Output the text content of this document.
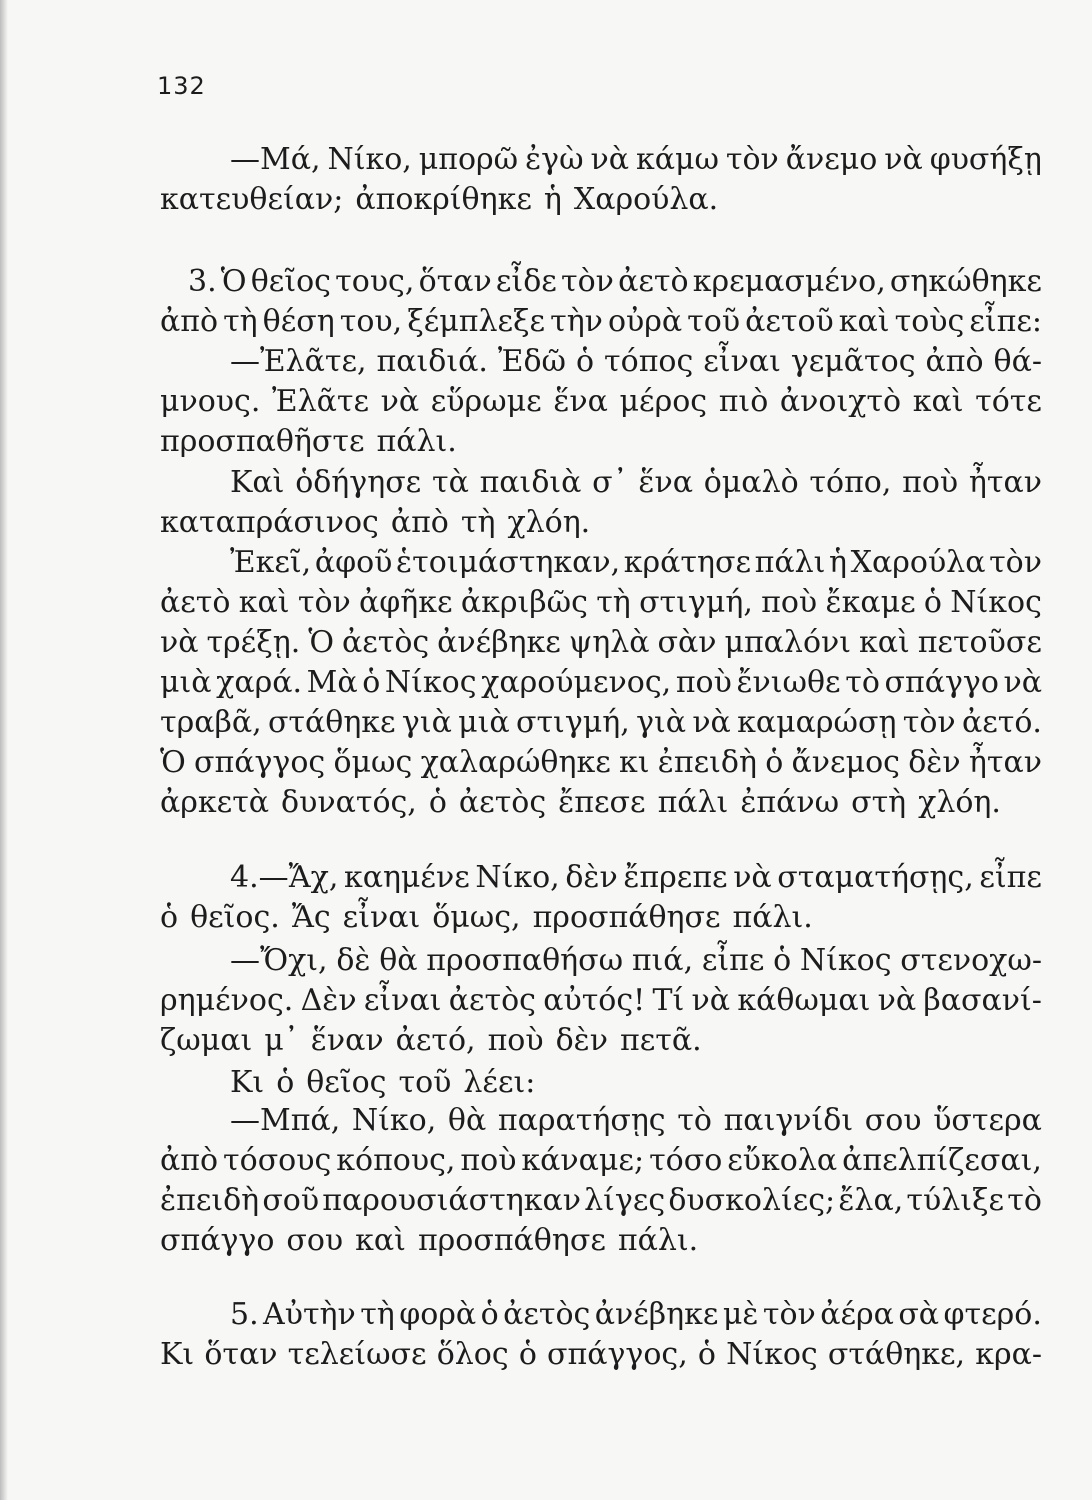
132
—Μά, Νίκο, μπορῶ ἐγὼ νὰ κάμω τὸν ἄνεμο νὰ φυσήξῃ
κατευθείαν; ἀποκρίθηκε ἡ Χαρούλα.
3. Ὁ θεῖος τους, ὅταν εἶδε τὸν ἀετὸ κρεμασμένο, σηκώθηκε
ἀπὸ τὴ θέση του, ξέμπλεξε τὴν οὐρὰ τοῦ ἀετοῦ καὶ τοὺς εἶπε:
—Ἐλᾶτε, παιδιά. Ἐδῶ ὁ τόπος εἶναι γεμᾶτος ἀπὸ θά-
μνους. Ἐλᾶτε νὰ εὕρωμε ἕνα μέρος πιὸ ἀνοιχτὸ καὶ τότε
προσπαθῆστε πάλι.
Καὶ ὁδήγησε τὰ παιδιὰ σ᾽ ἕνα ὁμαλὸ τόπο, ποὺ ἦταν
καταπράσινος ἀπὸ τὴ χλόη.
Ἐκεῖ, ἀφοῦ ἑτοιμάστηκαν, κράτησε πάλι ἡ Χαρούλα τὸν
ἀετὸ καὶ τὸν ἀφῆκε ἀκριβῶς τὴ στιγμή, ποὺ ἔκαμε ὁ Νίκος
νὰ τρέξῃ. Ὁ ἀετὸς ἀνέβηκε ψηλὰ σὰν μπαλόνι καὶ πετοῦσε
μιὰ χαρά. Μὰ ὁ Νίκος χαρούμενος, ποὺ ἔνιωθε τὸ σπάγγο νὰ
τραβᾶ, στάθηκε γιὰ μιὰ στιγμή, γιὰ νὰ καμαρώσῃ τὸν ἀετό.
Ὁ σπάγγος ὅμως χαλαρώθηκε κι ἐπειδὴ ὁ ἄνεμος δὲν ἦταν
ἀρκετὰ δυνατός, ὁ ἀετὸς ἔπεσε πάλι ἐπάνω στὴ χλόη.
4.—Ἄχ, καημένε Νίκο, δὲν ἔπρεπε νὰ σταματήσῃς, εἶπε
ὁ θεῖος. Ἄς εἶναι ὅμως, προσπάθησε πάλι.
—Ὄχι, δὲ θὰ προσπαθήσω πιά, εἶπε ὁ Νίκος στενοχω-
ρημένος. Δὲν εἶναι ἀετὸς αὐτός! Τί νὰ κάθωμαι νὰ βασανί-
ζωμαι μ᾽ ἕναν ἀετό, ποὺ δὲν πετᾶ.
Κι ὁ θεῖος τοῦ λέει:
—Μπά, Νίκο, θὰ παρατήσῃς τὸ παιγνίδι σου ὕστερα
ἀπὸ τόσους κόπους, ποὺ κάναμε; τόσο εὔκολα ἀπελπίζεσαι,
ἐπειδὴ σοῦ παρουσιάστηκαν λίγες δυσκολίες; ἔλα, τύλιξε τὸ
σπάγγο σου καὶ προσπάθησε πάλι.
5. Αὐτὴν τὴ φορὰ ὁ ἀετὸς ἀνέβηκε μὲ τὸν ἀέρα σὰ φτερό.
Κι ὅταν τελείωσε ὅλος ὁ σπάγγος, ὁ Νίκος στάθηκε, κρα-
